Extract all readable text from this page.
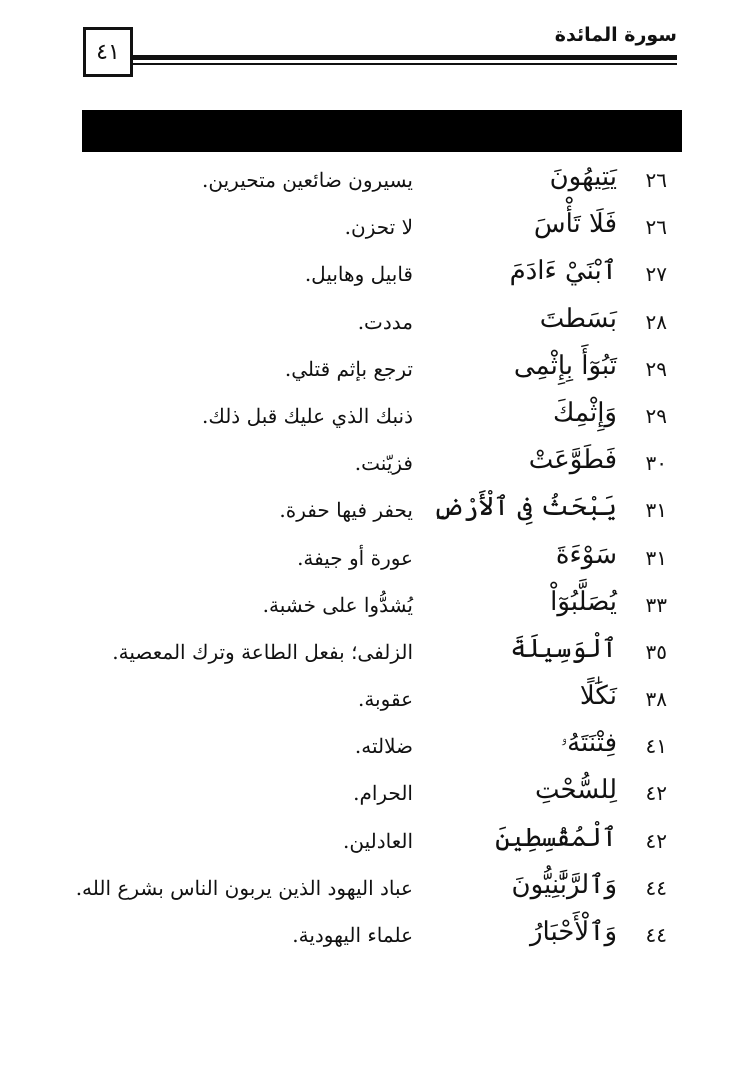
٤١
سورة المائدة
٢٦
يَتِيهُونَ
يسيرون ضائعين متحيرين.
٢٦
فَلَا تَأْسَ
لا تحزن.
٢٧
ٱبْنَيْ ءَادَمَ
قابيل وهابيل.
٢٨
بَسَطتَ
مددت.
٢٩
تَبُوٓأَ بِإِثْمِى
ترجع بإثم قتلي.
٢٩
وَإِثْمِكَ
ذنبك الذي عليك قبل ذلك.
٣٠
فَطَوَّعَتْ
فزيّنت.
٣١
يَبْحَثُ فِى ٱلْأَرْضِ
يحفر فيها حفرة.
٣١
سَوْءَةَ
عورة أو جيفة.
٣٣
يُصَلَّبُوٓاْ
يُشدُّوا على خشبة.
٣٥
ٱلْوَسِيلَةَ
الزلفى؛ بفعل الطاعة وترك المعصية.
٣٨
نَكَٰلًا
عقوبة.
٤١
فِتْنَتَهُۥ
ضلالته.
٤٢
لِلسُّحْتِ
الحرام.
٤٢
ٱلْمُقْسِطِينَ
العادلين.
٤٤
وَٱلرَّبَّٰنِيُّونَ
عباد اليهود الذين يربون الناس بشرع الله.
٤٤
وَٱلْأَحْبَارُ
علماء اليهودية.
